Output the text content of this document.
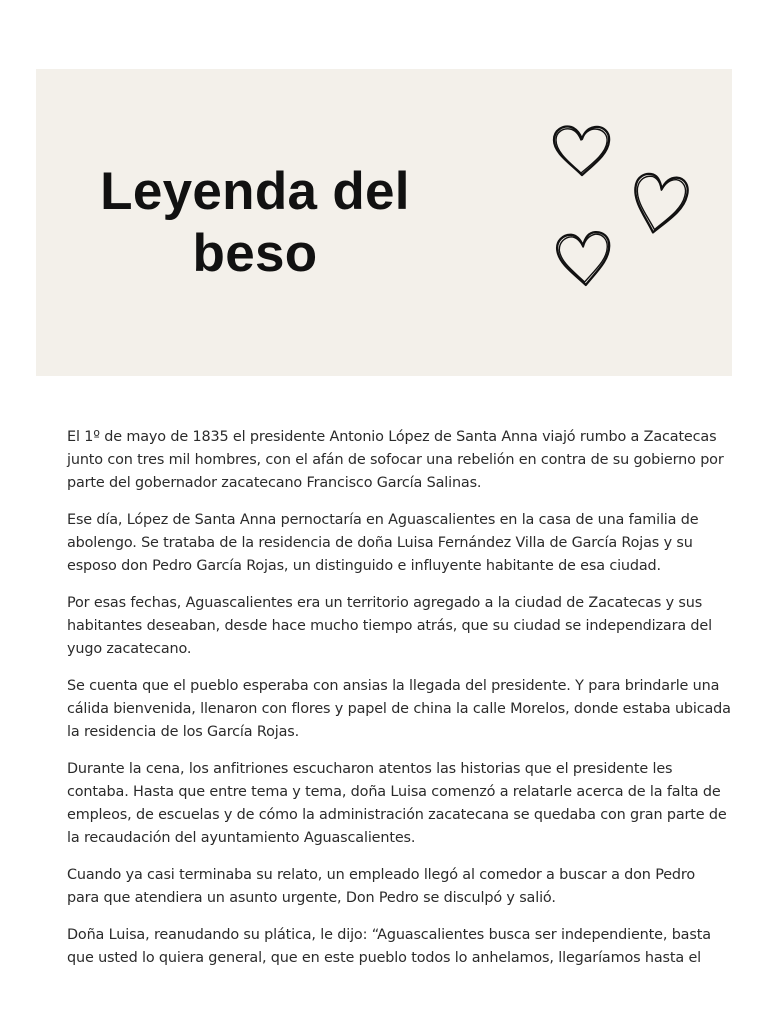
Leyenda del
beso

El 1º de mayo de 1835 el presidente Antonio López de Santa Anna viajó rumbo a Zacatecas junto con tres mil hombres, con el afán de sofocar una rebelión en contra de su gobierno por parte del gobernador zacatecano Francisco García Salinas.

Ese día, López de Santa Anna pernoctaría en Aguascalientes en la casa de una familia de abolengo. Se trataba de la residencia de doña Luisa Fernández Villa de García Rojas y su esposo don Pedro García Rojas, un distinguido e influyente habitante de esa ciudad.

Por esas fechas, Aguascalientes era un territorio agregado a la ciudad de Zacatecas y sus habitantes deseaban, desde hace mucho tiempo atrás, que su ciudad se independizara del yugo zacatecano.

Se cuenta que el pueblo esperaba con ansias la llegada del presidente. Y para brindarle una cálida bienvenida, llenaron con flores y papel de china la calle Morelos, donde estaba ubicada la residencia de los García Rojas.

Durante la cena, los anfitriones escucharon atentos las historias que el presidente les contaba. Hasta que entre tema y tema, doña Luisa comenzó a relatarle acerca de la falta de empleos, de escuelas y de cómo la administración zacatecana se quedaba con gran parte de la recaudación del ayuntamiento Aguascalientes.

Cuando ya casi terminaba su relato, un empleado llegó al comedor a buscar a don Pedro para que atendiera un asunto urgente, Don Pedro se disculpó y salió.

Doña Luisa, reanudando su plática, le dijo: “Aguascalientes busca ser independiente, basta que usted lo quiera general, que en este pueblo todos lo anhelamos, llegaríamos hasta el
